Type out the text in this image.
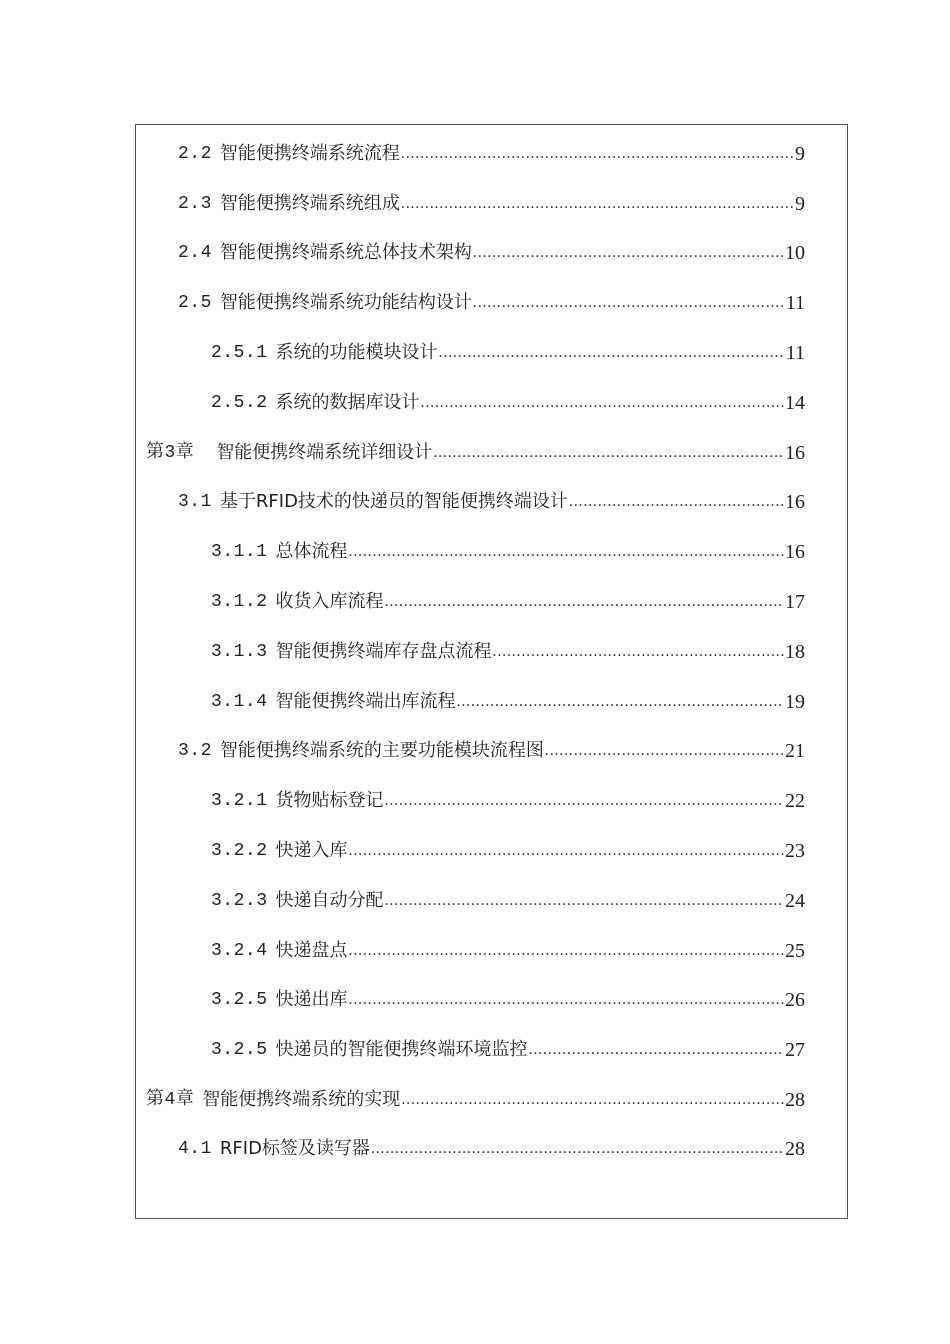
2.2 智能便携终端系统流程 .....	9
2.3 智能便携终端系统组成 .....	9
2.4 智能便携终端系统总体技术架构 .....	10
2.5 智能便携终端系统功能结构设计 .....	11
2.5.1 系统的功能模块设计 .....	11
2.5.2 系统的数据库设计 .....	14
第3章 智能便携终端系统详细设计 .....	16
3.1 基于RFID技术的快递员的智能便携终端设计 .....	16
3.1.1 总体流程 .....	16
3.1.2 收货入库流程 .....	17
3.1.3 智能便携终端库存盘点流程 .....	18
3.1.4 智能便携终端出库流程 .....	19
3.2 智能便携终端系统的主要功能模块流程图 .....	21
3.2.1 货物贴标登记 .....	22
3.2.2 快递入库 .....	23
3.2.3 快递自动分配 .....	24
3.2.4 快递盘点 .....	25
3.2.5 快递出库 .....	26
3.2.5 快递员的智能便携终端环境监控 .....	27
第4章 智能便携终端系统的实现 .....	28
4.1 RFID标签及读写器 .....	28
